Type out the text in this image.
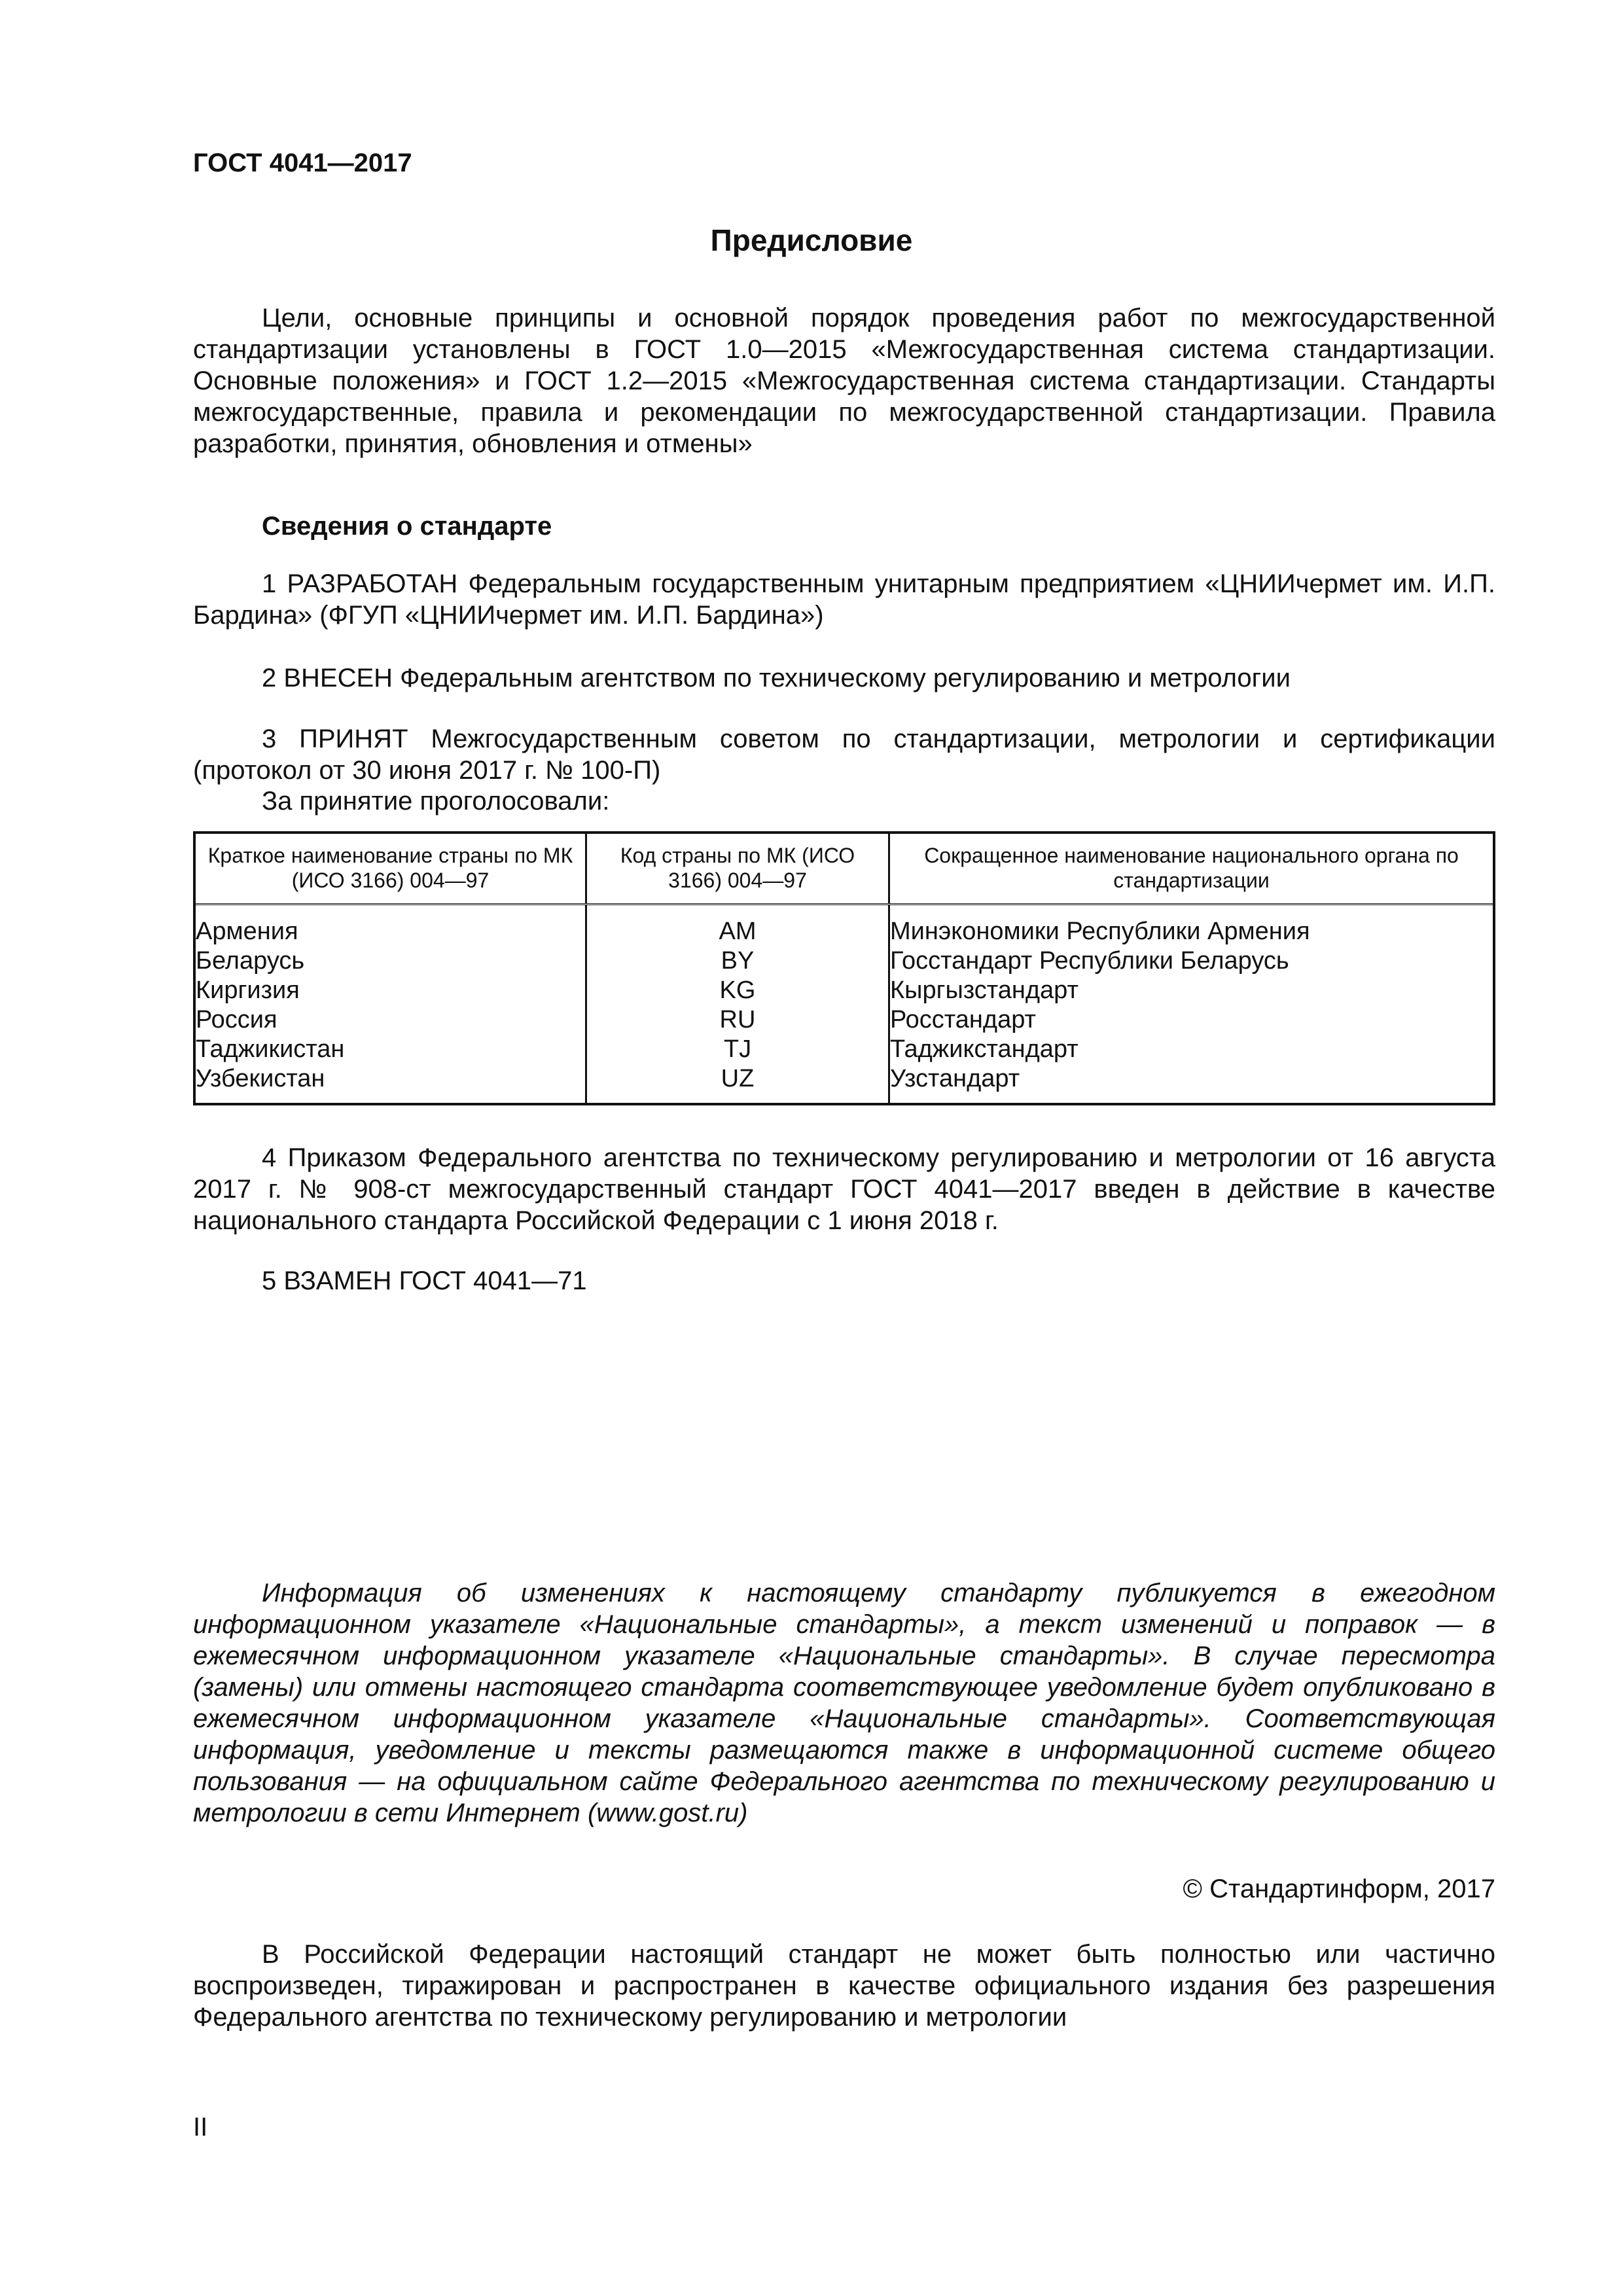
ГОСТ 4041—2017
Предисловие
Цели, основные принципы и основной порядок проведения работ по межгосударственной стандартизации установлены в ГОСТ 1.0—2015 «Межгосударственная система стандартизации. Основные положения» и ГОСТ 1.2—2015 «Межгосударственная система стандартизации. Стандарты межгосударственные, правила и рекомендации по межгосударственной стандартизации. Правила разработки, принятия, обновления и отмены»
Сведения о стандарте
1 РАЗРАБОТАН Федеральным государственным унитарным предприятием «ЦНИИчермет им. И.П. Бардина» (ФГУП «ЦНИИчермет им. И.П. Бардина»)
2 ВНЕСЕН Федеральным агентством по техническому регулированию и метрологии
3 ПРИНЯТ Межгосударственным советом по стандартизации, метрологии и сертификации (протокол от 30 июня 2017 г. № 100-П)
За принятие проголосовали:
Краткое наименование страны по МК (ИСО 3166) 004—97	Код страны по МК (ИСО 3166) 004—97	Сокращенное наименование национального органа по стандартизации
Армения	AM	Минэкономики Республики Армения
Беларусь	BY	Госстандарт Республики Беларусь
Киргизия	KG	Кыргызстандарт
Россия	RU	Росстандарт
Таджикистан	TJ	Таджикстандарт
Узбекистан	UZ	Узстандарт
4 Приказом Федерального агентства по техническому регулированию и метрологии от 16 августа 2017 г. № 908-ст межгосударственный стандарт ГОСТ 4041—2017 введен в действие в качестве национального стандарта Российской Федерации с 1 июня 2018 г.
5 ВЗАМЕН ГОСТ 4041—71
Информация об изменениях к настоящему стандарту публикуется в ежегодном информационном указателе «Национальные стандарты», а текст изменений и поправок — в ежемесячном информационном указателе «Национальные стандарты». В случае пересмотра (замены) или отмены настоящего стандарта соответствующее уведомление будет опубликовано в ежемесячном информационном указателе «Национальные стандарты». Соответствующая информация, уведомление и тексты размещаются также в информационной системе общего пользования — на официальном сайте Федерального агентства по техническому регулированию и метрологии в сети Интернет (www.gost.ru)
© Стандартинформ, 2017
В Российской Федерации настоящий стандарт не может быть полностью или частично воспроизведен, тиражирован и распространен в качестве официального издания без разрешения Федерального агентства по техническому регулированию и метрологии
II
